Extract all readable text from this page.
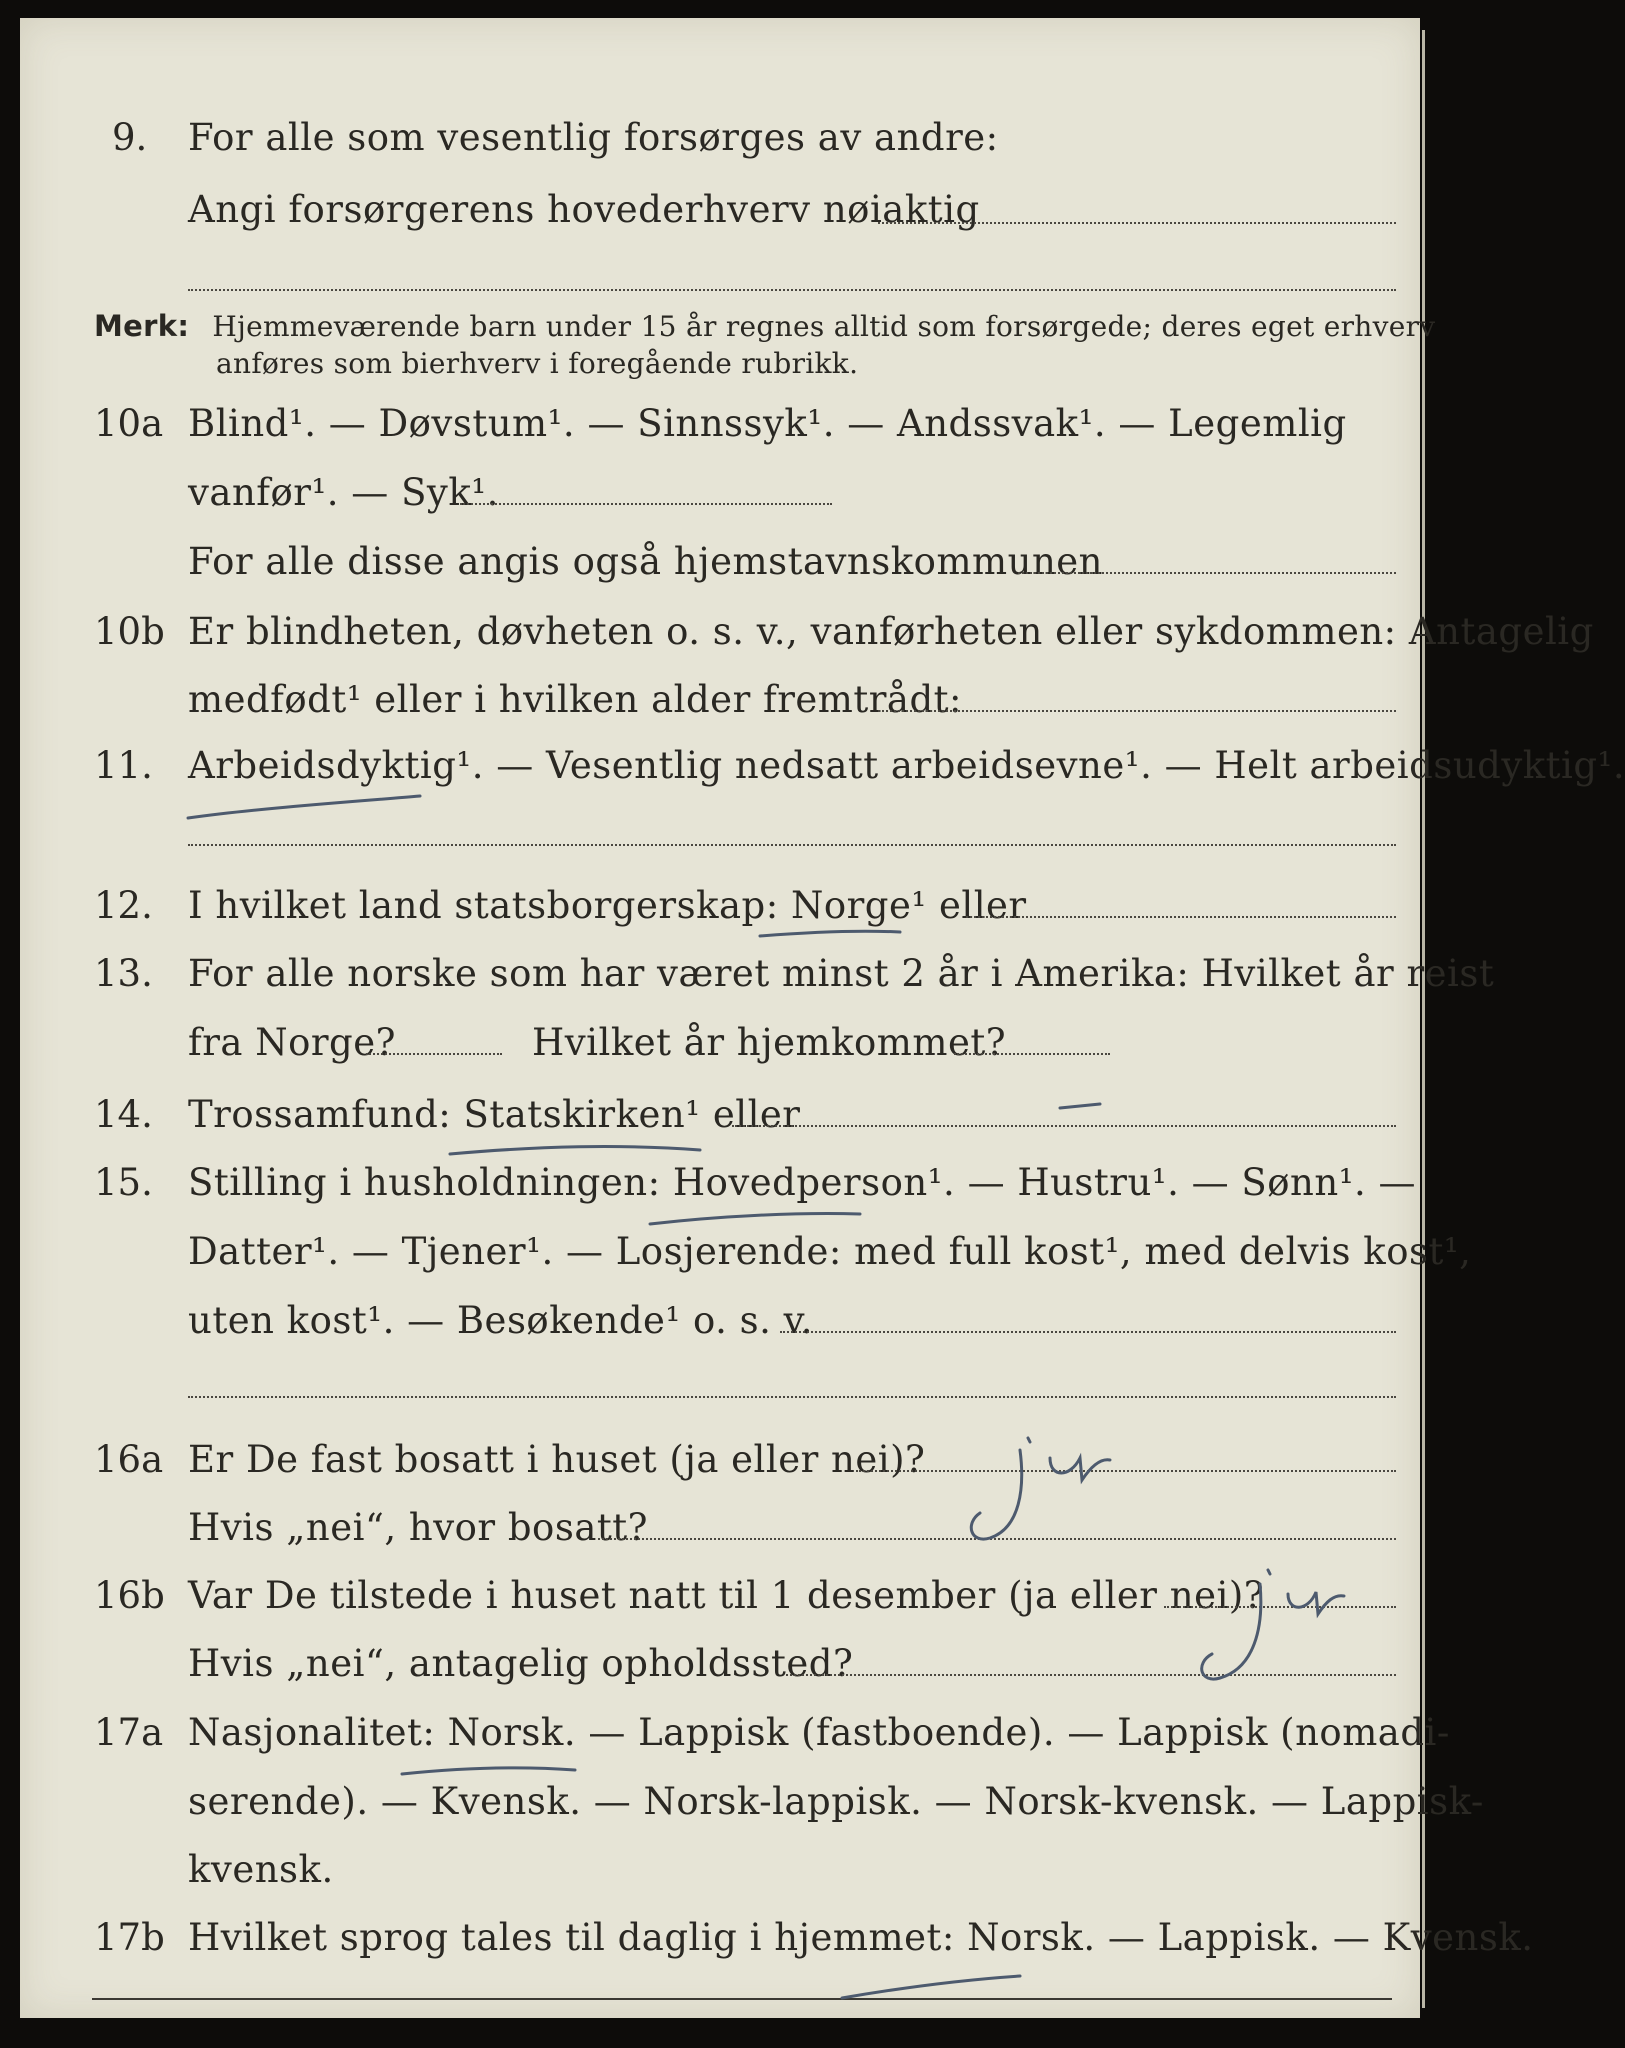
9. For alle som vesentlig forsørges av andre:
Angi forsørgerens hovederhverv nøiaktig
Merk: Hjemmeværende barn under 15 år regnes alltid som forsørgede; deres eget erhverv
anføres som bierhverv i foregående rubrikk.
10a Blind¹. — Døvstum¹. — Sinnssyk¹. — Andssvak¹. — Legemlig
vanfør¹. — Syk¹.
For alle disse angis også hjemstavnskommunen
10b Er blindheten, døvheten o. s. v., vanførheten eller sykdommen: Antagelig
medfødt¹ eller i hvilken alder fremtrådt:
11. Arbeidsdyktig¹. — Vesentlig nedsatt arbeidsevne¹. — Helt arbeidsudyktig¹.
12. I hvilket land statsborgerskap: Norge¹ eller
13. For alle norske som har været minst 2 år i Amerika: Hvilket år reist
fra Norge?	Hvilket år hjemkommet?
14. Trossamfund: Statskirken¹ eller
15. Stilling i husholdningen: Hovedperson¹. — Hustru¹. — Sønn¹. —
Datter¹. — Tjener¹. — Losjerende: med full kost¹, med delvis kost¹,
uten kost¹. — Besøkende¹ o. s. v.
16a Er De fast bosatt i huset (ja eller nei)?
Hvis „nei“, hvor bosatt?
16b Var De tilstede i huset natt til 1 desember (ja eller nei)?
Hvis „nei“, antagelig opholdssted?
17a Nasjonalitet: Norsk. — Lappisk (fastboende). — Lappisk (nomadi-
serende). — Kvensk. — Norsk-lappisk. — Norsk-kvensk. — Lappisk-
kvensk.
17b Hvilket sprog tales til daglig i hjemmet: Norsk. — Lappisk. — Kvensk.
